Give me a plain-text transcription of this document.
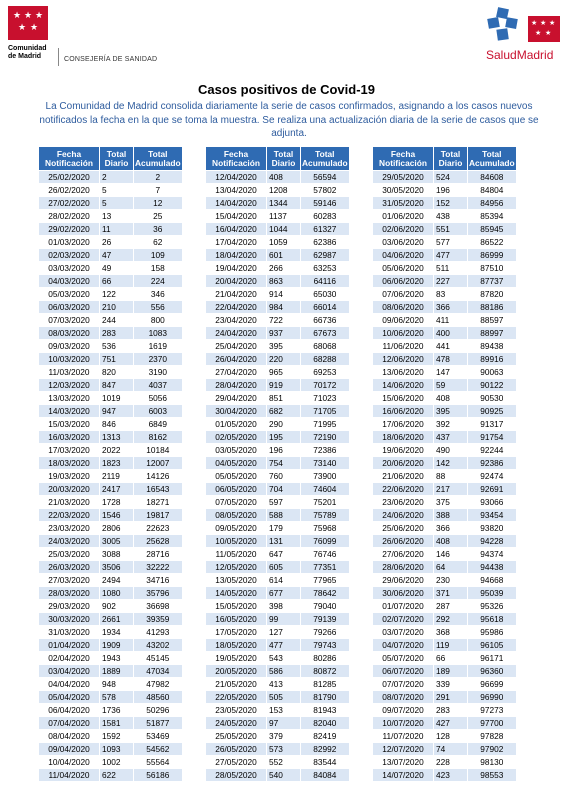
★ ★ ★
★ ★
Comunidad
de Madrid	CONSEJERÍA DE SANIDAD
★ ★ ★
★ ★
SaludMadrid
Casos positivos de Covid-19
La Comunidad de Madrid consolida diariamente la serie de casos confirmados, asignando a los casos nuevos notificados la fecha en la que se toma la muestra. Se realiza una actualización diaria de la serie de casos que se adjunta.
Fecha Notificación	Total Diario	Total Acumulado
25/02/2020	2	2
26/02/2020	5	7
27/02/2020	5	12
28/02/2020	13	25
29/02/2020	11	36
01/03/2020	26	62
02/03/2020	47	109
03/03/2020	49	158
04/03/2020	66	224
05/03/2020	122	346
06/03/2020	210	556
07/03/2020	244	800
08/03/2020	283	1083
09/03/2020	536	1619
10/03/2020	751	2370
11/03/2020	820	3190
12/03/2020	847	4037
13/03/2020	1019	5056
14/03/2020	947	6003
15/03/2020	846	6849
16/03/2020	1313	8162
17/03/2020	2022	10184
18/03/2020	1823	12007
19/03/2020	2119	14126
20/03/2020	2417	16543
21/03/2020	1728	18271
22/03/2020	1546	19817
23/03/2020	2806	22623
24/03/2020	3005	25628
25/03/2020	3088	28716
26/03/2020	3506	32222
27/03/2020	2494	34716
28/03/2020	1080	35796
29/03/2020	902	36698
30/03/2020	2661	39359
31/03/2020	1934	41293
01/04/2020	1909	43202
02/04/2020	1943	45145
03/04/2020	1889	47034
04/04/2020	948	47982
05/04/2020	578	48560
06/04/2020	1736	50296
07/04/2020	1581	51877
08/04/2020	1592	53469
09/04/2020	1093	54562
10/04/2020	1002	55564
11/04/2020	622	56186
Fecha Notificación	Total Diario	Total Acumulado
12/04/2020	408	56594
13/04/2020	1208	57802
14/04/2020	1344	59146
15/04/2020	1137	60283
16/04/2020	1044	61327
17/04/2020	1059	62386
18/04/2020	601	62987
19/04/2020	266	63253
20/04/2020	863	64116
21/04/2020	914	65030
22/04/2020	984	66014
23/04/2020	722	66736
24/04/2020	937	67673
25/04/2020	395	68068
26/04/2020	220	68288
27/04/2020	965	69253
28/04/2020	919	70172
29/04/2020	851	71023
30/04/2020	682	71705
01/05/2020	290	71995
02/05/2020	195	72190
03/05/2020	196	72386
04/05/2020	754	73140
05/05/2020	760	73900
06/05/2020	704	74604
07/05/2020	597	75201
08/05/2020	588	75789
09/05/2020	179	75968
10/05/2020	131	76099
11/05/2020	647	76746
12/05/2020	605	77351
13/05/2020	614	77965
14/05/2020	677	78642
15/05/2020	398	79040
16/05/2020	99	79139
17/05/2020	127	79266
18/05/2020	477	79743
19/05/2020	543	80286
20/05/2020	586	80872
21/05/2020	413	81285
22/05/2020	505	81790
23/05/2020	153	81943
24/05/2020	97	82040
25/05/2020	379	82419
26/05/2020	573	82992
27/05/2020	552	83544
28/05/2020	540	84084
Fecha Notificación	Total Diario	Total Acumulado
29/05/2020	524	84608
30/05/2020	196	84804
31/05/2020	152	84956
01/06/2020	438	85394
02/06/2020	551	85945
03/06/2020	577	86522
04/06/2020	477	86999
05/06/2020	511	87510
06/06/2020	227	87737
07/06/2020	83	87820
08/06/2020	366	88186
09/06/2020	411	88597
10/06/2020	400	88997
11/06/2020	441	89438
12/06/2020	478	89916
13/06/2020	147	90063
14/06/2020	59	90122
15/06/2020	408	90530
16/06/2020	395	90925
17/06/2020	392	91317
18/06/2020	437	91754
19/06/2020	490	92244
20/06/2020	142	92386
21/06/2020	88	92474
22/06/2020	217	92691
23/06/2020	375	93066
24/06/2020	388	93454
25/06/2020	366	93820
26/06/2020	408	94228
27/06/2020	146	94374
28/06/2020	64	94438
29/06/2020	230	94668
30/06/2020	371	95039
01/07/2020	287	95326
02/07/2020	292	95618
03/07/2020	368	95986
04/07/2020	119	96105
05/07/2020	66	96171
06/07/2020	189	96360
07/07/2020	339	96699
08/07/2020	291	96990
09/07/2020	283	97273
10/07/2020	427	97700
11/07/2020	128	97828
12/07/2020	74	97902
13/07/2020	228	98130
14/07/2020	423	98553
